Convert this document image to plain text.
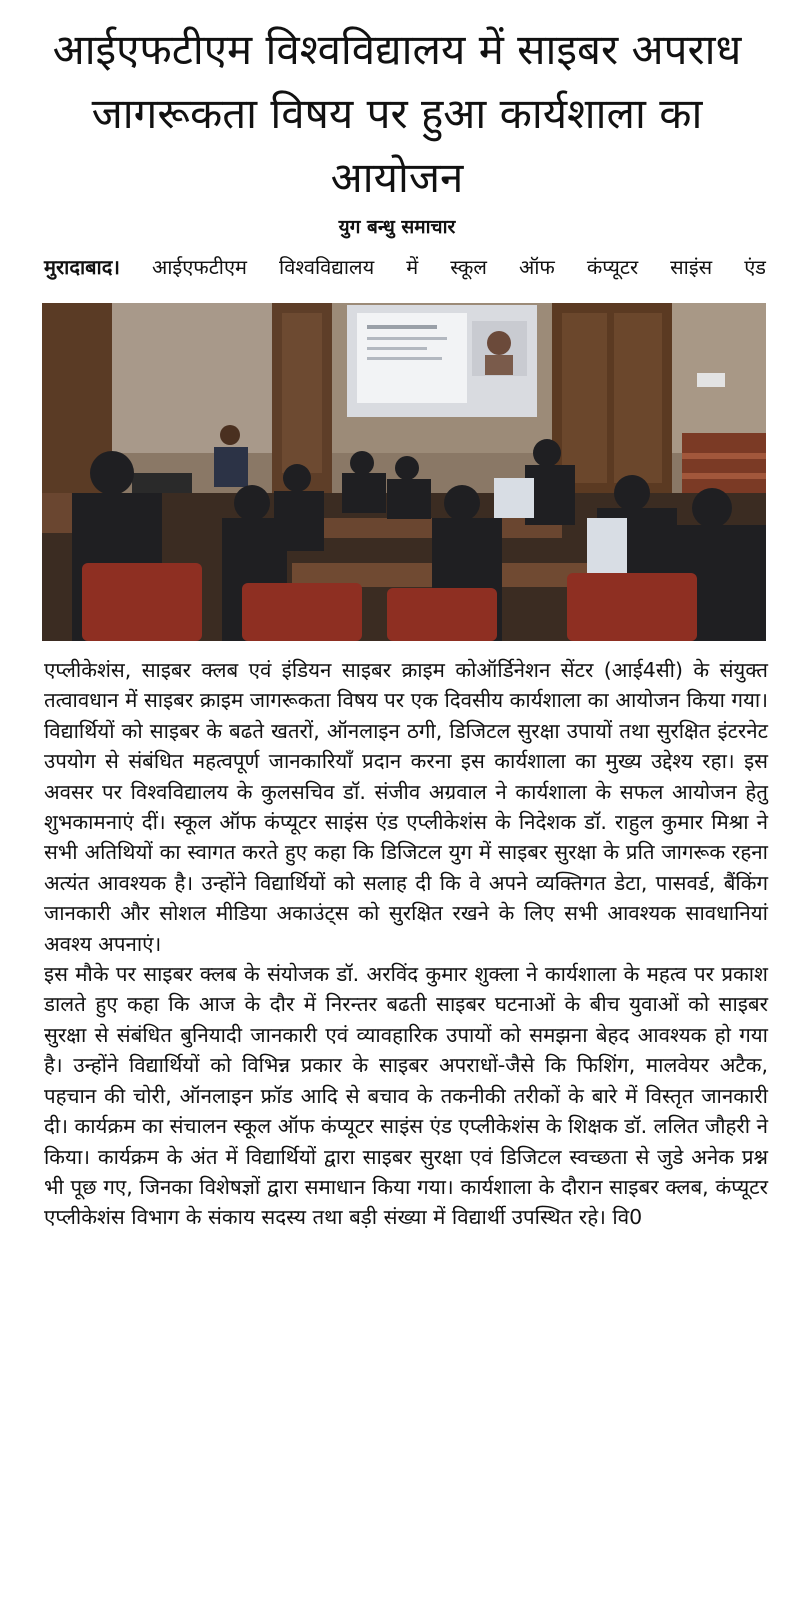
आईएफटीएम विश्वविद्यालय में साइबर अपराध जागरूकता विषय पर हुआ कार्यशाला का आयोजन
युग बन्धु समाचार
मुरादाबाद। आईएफटीएम विश्वविद्यालय में स्कूल ऑफ कंप्यूटर साइंस एंड

एप्लीकेशंस, साइबर क्लब एवं इंडियन साइबर क्राइम कोऑर्डिनेशन सेंटर (आई4सी) के संयुक्त तत्वावधान में साइबर क्राइम जागरूकता विषय पर एक दिवसीय कार्यशाला का आयोजन किया गया। विद्यार्थियों को साइबर के बढते खतरों, ऑनलाइन ठगी, डिजिटल सुरक्षा उपायों तथा सुरक्षित इंटरनेट उपयोग से संबंधित महत्वपूर्ण जानकारियाँ प्रदान करना इस कार्यशाला का मुख्य उद्देश्य रहा। इस अवसर पर विश्वविद्यालय के कुलसचिव डॉ. संजीव अग्रवाल ने कार्यशाला के सफल आयोजन हेतु शुभकामनाएं दीं। स्कूल ऑफ कंप्यूटर साइंस एंड एप्लीकेशंस के निदेशक डॉ. राहुल कुमार मिश्रा ने सभी अतिथियों का स्वागत करते हुए कहा कि डिजिटल युग में साइबर सुरक्षा के प्रति जागरूक रहना अत्यंत आवश्यक है। उन्होंने विद्यार्थियों को सलाह दी कि वे अपने व्यक्तिगत डेटा, पासवर्ड, बैंकिंग जानकारी और सोशल मीडिया अकाउंट्स को सुरक्षित रखने के लिए सभी आवश्यक सावधानियां अवश्य अपनाएं।

इस मौके पर साइबर क्लब के संयोजक डॉ. अरविंद कुमार शुक्ला ने कार्यशाला के महत्व पर प्रकाश डालते हुए कहा कि आज के दौर में निरन्तर बढती साइबर घटनाओं के बीच युवाओं को साइबर सुरक्षा से संबंधित बुनियादी जानकारी एवं व्यावहारिक उपायों को समझना बेहद आवश्यक हो गया है। उन्होंने विद्यार्थियों को विभिन्न प्रकार के साइबर अपराधों-जैसे कि फिशिंग, मालवेयर अटैक, पहचान की चोरी, ऑनलाइन फ्रॉड आदि से बचाव के तकनीकी तरीकों के बारे में विस्तृत जानकारी दी। कार्यक्रम का संचालन स्कूल ऑफ कंप्यूटर साइंस एंड एप्लीकेशंस के शिक्षक डॉ. ललित जौहरी ने किया। कार्यक्रम के अंत में विद्यार्थियों द्वारा साइबर सुरक्षा एवं डिजिटल स्वच्छता से जुडे अनेक प्रश्न भी पूछ गए, जिनका विशेषज्ञों द्वारा समाधान किया गया। कार्यशाला के दौरान साइबर क्लब, कंप्यूटर एप्लीकेशंस विभाग के संकाय सदस्य तथा बड़ी संख्या में विद्यार्थी उपस्थित रहे। वि0
